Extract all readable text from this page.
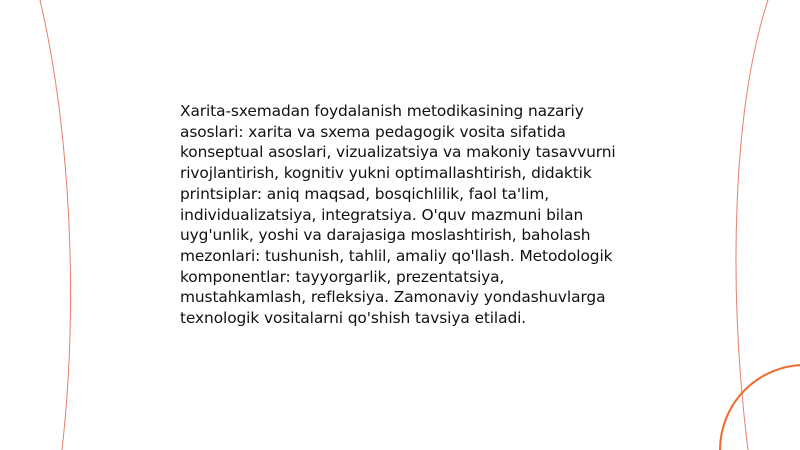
Xarita-sxemadan foydalanish metodikasining nazariy asoslari: xarita va sxema pedagogik vosita sifatida konseptual asoslari, vizualizatsiya va makoniy tasavvurni rivojlantirish, kognitiv yukni optimallashtirish, didaktik printsiplar: aniq maqsad, bosqichlilik, faol ta'lim, individualizatsiya, integratsiya. O'quv mazmuni bilan uyg'unlik, yoshi va darajasiga moslashtirish, baholash mezonlari: tushunish, tahlil, amaliy qo'llash. Metodologik komponentlar: tayyorgarlik, prezentatsiya, mustahkamlash, refleksiya. Zamonaviy yondashuvlarga texnologik vositalarni qo'shish tavsiya etiladi.
